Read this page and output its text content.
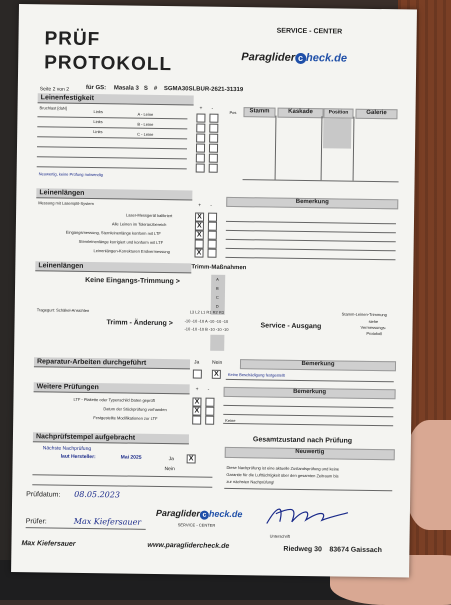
PRÜF
PROTOKOLL
SERVICE - CENTER
Paraglider c heck.de
Seite 2 von 2	für GS: Masala 3 S # SGMA30SLBUR-2621-31319
Leinenfestigkeit
Bruchlast [daN]
Links
A - Leine
Links
B - Leine
Links
C - Leine
Neuwertig, keine Prüfung notwendig
+ -
Pos	Stamm	Kaskade	Position	Galerie
Leinenlängen
Messung mit Lasersplit-System	+ -
Bemerkung
Laser-Messgerät kalibriert	X
Alle Leinen im Toleranzbereich	X
Eingangsmessung, Sternleinenlänge konform mit LTF	X
Sternleinenlänge korrigiert und konform mit LTF
Leinenlängen-Korrekturen Endvermessung	X
Leinenlängen	Trimm-Maßnahmen
Keine Eingangs-Trimmung >	A
B
C
D
Tragegurt: Schäkel-Ansichten	L3 L2 L1 R1 R2 R3	Stamm-Leinen-Trimmung
siehe
Vermessungs-
Protokoll
Trimm - Änderung >	-10 -10 -10 A -10 -10 -10
-10 -10 -10 B -10 -10 -10	Service - Ausgang
Reparatur-Arbeiten durchgeführt	Ja	Nein	Bemerkung
X	Keine Beschädigung festgestellt
Weitere Prüfungen	+ -	Bemerkung
LTF - Plakette oder Typenschild Daten geprüft	X
Datum der Stückprüfung vorhanden	X
Festgestellte Modifikationen zur LTF	Keine
Nachprüfstempel aufgebracht
Nächste Nachprüfung
laut Hersteller:	Mai 2025	Ja	X
Nein
Gesamtzustand nach Prüfung
Neuwertig
Diese Nachprüfung ist eine aktuelle Zustandsprüfung und keine
Garantie für die Lufttüchtigkeit über den gesamten Zeitraum bis
zur nächsten Nachprüfung!
Prüfdatum: 08.05.2023
Prüfer:	Max Kiefersauer
Paraglider c heck.de
SERVICE - CENTER
Unterschrift
Max Kiefersauer	www.paraglidercheck.de	Riedweg 30 83674 Gaissach
